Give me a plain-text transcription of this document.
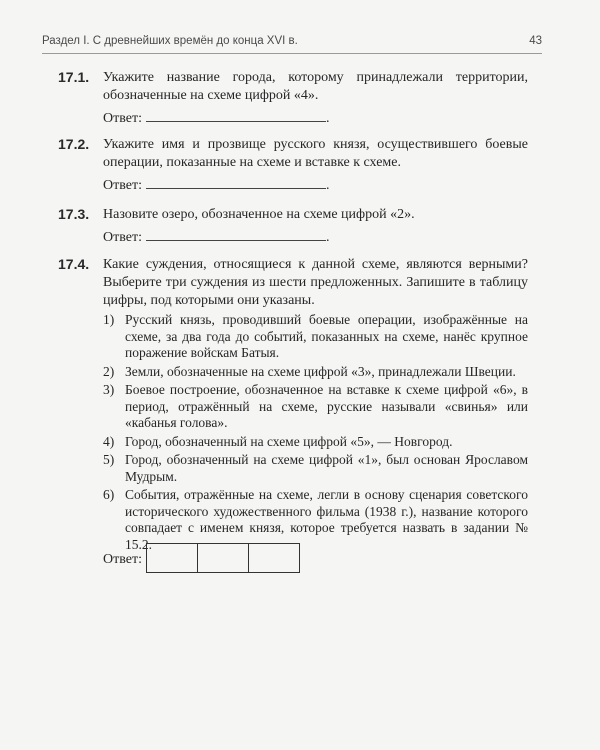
Раздел I. С древнейших времён до конца XVI в.	43
17.1. Укажите название города, которому принадлежали территории, обозначенные на схеме цифрой «4».
Ответ:	.
17.2. Укажите имя и прозвище русского князя, осуществившего боевые операции, показанные на схеме и вставке к схеме.
Ответ:	.
17.3. Назовите озеро, обозначенное на схеме цифрой «2».
Ответ:	.
17.4. Какие суждения, относящиеся к данной схеме, являются верными? Выберите три суждения из шести предложенных. Запишите в таблицу цифры, под которыми они указаны.
1) Русский князь, проводивший боевые операции, изображённые на схеме, за два года до событий, показанных на схеме, нанёс крупное поражение войскам Батыя.
2) Земли, обозначенные на схеме цифрой «3», принадлежали Швеции.
3) Боевое построение, обозначенное на вставке к схеме цифрой «6», в период, отражённый на схеме, русские называли «свинья» или «кабанья голова».
4) Город, обозначенный на схеме цифрой «5», — Новгород.
5) Город, обозначенный на схеме цифрой «1», был основан Ярославом Мудрым.
6) События, отражённые на схеме, легли в основу сценария советского исторического художественного фильма (1938 г.), название которого совпадает с именем князя, которое требуется назвать в задании № 15.2.
Ответ:
